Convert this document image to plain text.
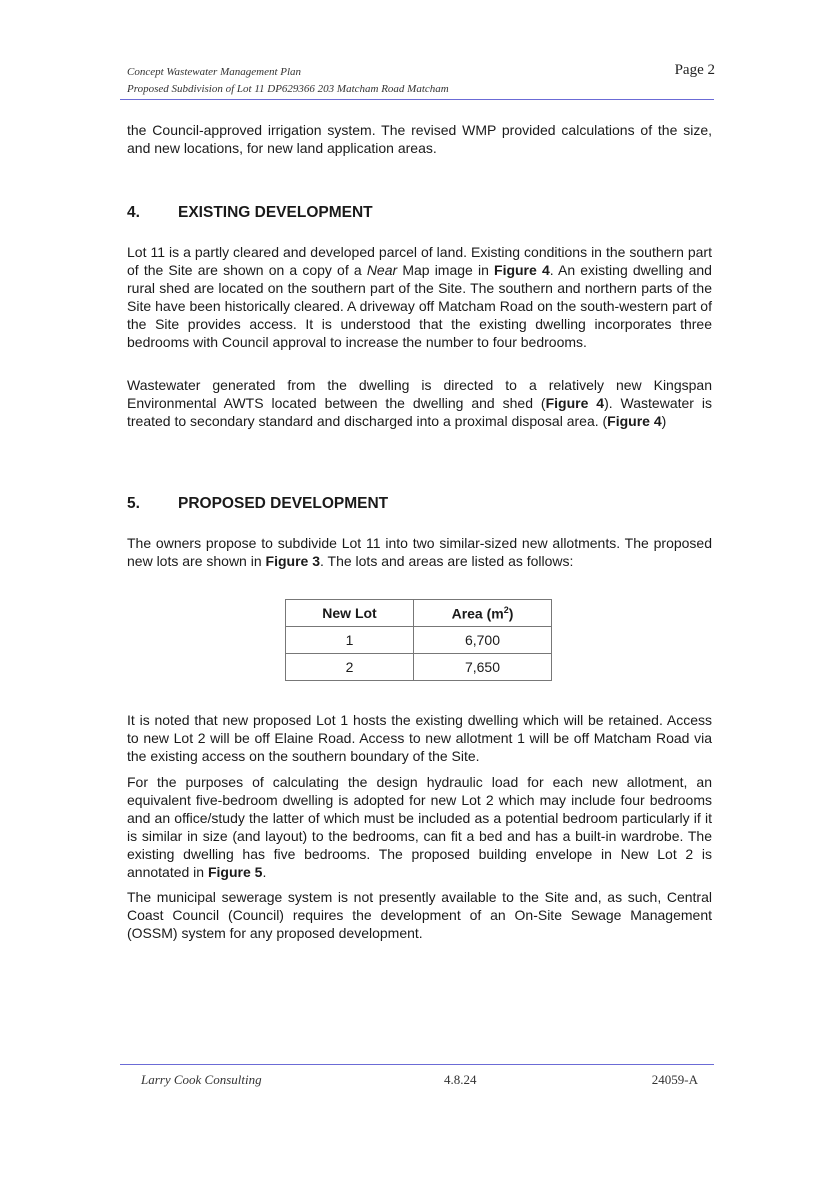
Concept Wastewater Management Plan
Proposed Subdivision of Lot 11 DP629366 203 Matcham Road Matcham
Page 2

the Council-approved irrigation system. The revised WMP provided calculations of the size, and new locations, for new land application areas.

4. EXISTING DEVELOPMENT

Lot 11 is a partly cleared and developed parcel of land. Existing conditions in the southern part of the Site are shown on a copy of a Near Map image in Figure 4. An existing dwelling and rural shed are located on the southern part of the Site. The southern and northern parts of the Site have been historically cleared. A driveway off Matcham Road on the south-western part of the Site provides access. It is understood that the existing dwelling incorporates three bedrooms with Council approval to increase the number to four bedrooms.

Wastewater generated from the dwelling is directed to a relatively new Kingspan Environmental AWTS located between the dwelling and shed (Figure 4). Wastewater is treated to secondary standard and discharged into a proximal disposal area. (Figure 4)

5. PROPOSED DEVELOPMENT

The owners propose to subdivide Lot 11 into two similar-sized new allotments. The proposed new lots are shown in Figure 3. The lots and areas are listed as follows:

New Lot	Area $(m^2)$
1	6,700
2	7,650

It is noted that new proposed Lot 1 hosts the existing dwelling which will be retained. Access to new Lot 2 will be off Elaine Road. Access to new allotment 1 will be off Matcham Road via the existing access on the southern boundary of the Site.

For the purposes of calculating the design hydraulic load for each new allotment, an equivalent five-bedroom dwelling is adopted for new Lot 2 which may include four bedrooms and an office/study the latter of which must be included as a potential bedroom particularly if it is similar in size (and layout) to the bedrooms, can fit a bed and has a built-in wardrobe. The existing dwelling has five bedrooms. The proposed building envelope in New Lot 2 is annotated in Figure 5.

The municipal sewerage system is not presently available to the Site and, as such, Central Coast Council (Council) requires the development of an On-Site Sewage Management (OSSM) system for any proposed development.

Larry Cook Consulting	4.8.24	24059-A
